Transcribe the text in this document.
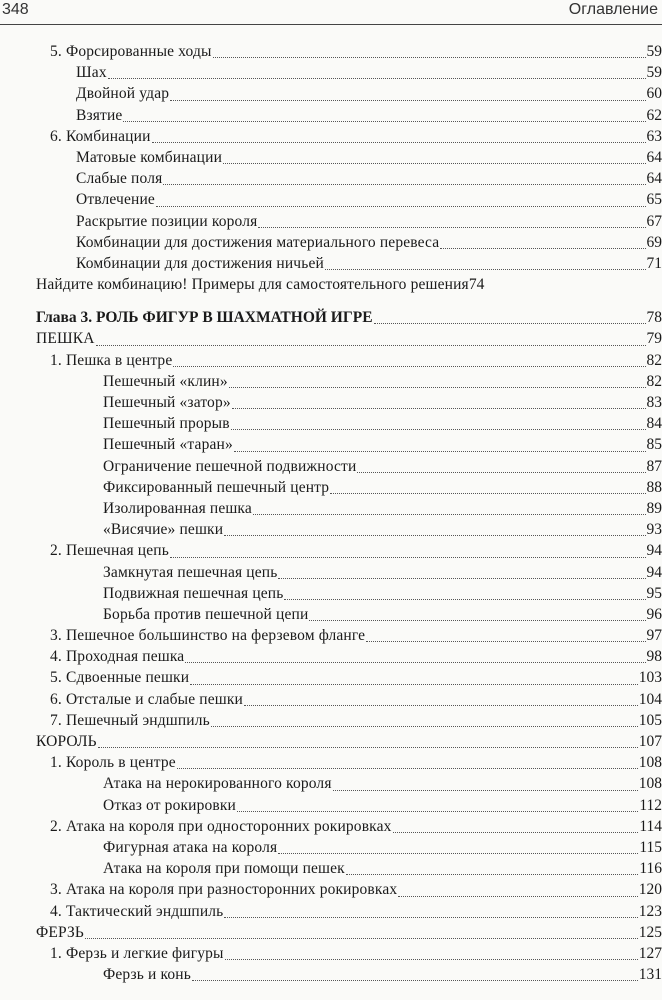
348	Оглавление
5. Форсированные ходы	59
Шах	59
Двойной удар	60
Взятие	62
6. Комбинации	63
Матовые комбинации	64
Слабые поля	64
Отвлечение	65
Раскрытие позиции короля	67
Комбинации для достижения материального перевеса	69
Комбинации для достижения ничьей	71
Найдите комбинацию! Примеры для самостоятельного решения 74
Глава 3. РОЛЬ ФИГУР В ШАХМАТНОЙ ИГРЕ	78
ПЕШКА	79
1. Пешка в центре	82
Пешечный «клин»	82
Пешечный «затор»	83
Пешечный прорыв	84
Пешечный «таран»	85
Ограничение пешечной подвижности	87
Фиксированный пешечный центр	88
Изолированная пешка	89
«Висячие» пешки	93
2. Пешечная цепь	94
Замкнутая пешечная цепь	94
Подвижная пешечная цепь	95
Борьба против пешечной цепи	96
3. Пешечное большинство на ферзевом фланге	97
4. Проходная пешка	98
5. Сдвоенные пешки	103
6. Отсталые и слабые пешки	104
7. Пешечный эндшпиль	105
КОРОЛЬ	107
1. Король в центре	108
Атака на нерокированного короля	108
Отказ от рокировки	112
2. Атака на короля при односторонних рокировках	114
Фигурная атака на короля	115
Атака на короля при помощи пешек	116
3. Атака на короля при разносторонних рокировках	120
4. Тактический эндшпиль	123
ФЕРЗЬ	125
1. Ферзь и легкие фигуры	127
Ферзь и конь	131
